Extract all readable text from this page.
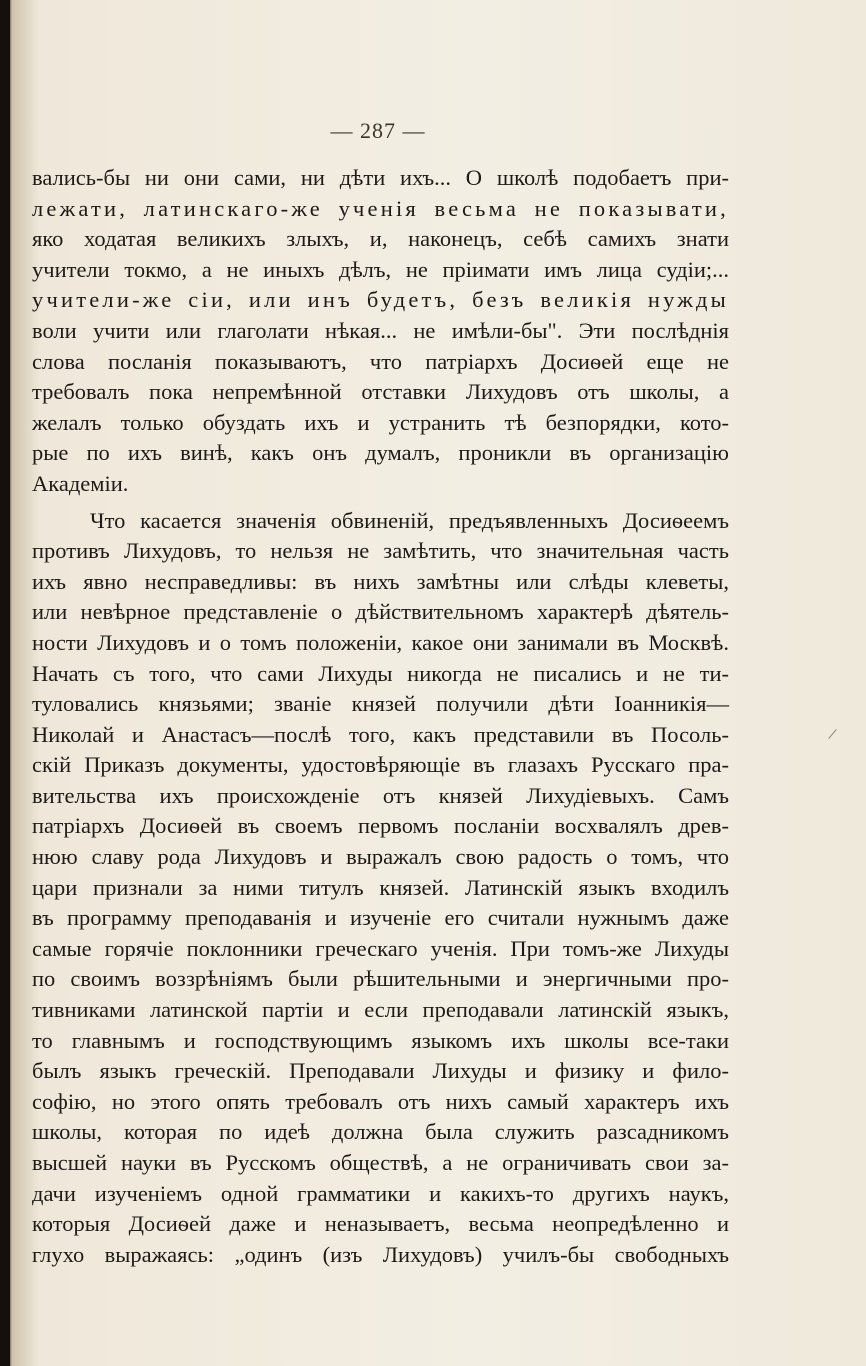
— 287 —
вались-бы ни они сами, ни дѣти ихъ... О школѣ подобаетъ при-
лежати, латинскаго-же ученія весьма не показывати,
яко ходатая великихъ злыхъ, и, наконецъ, себѣ самихъ знати
учители токмо, а не иныхъ дѣлъ, не пріимати имъ лица судіи;...
учители-же сіи, или инъ будетъ, безъ великія нужды
воли учити или глаголати нѣкая... не имѣли-бы". Эти послѣднія
слова посланія показываютъ, что патріархъ Досиѳей еще не
требовалъ пока непремѣнной отставки Лихудовъ отъ школы, а
желалъ только обуздать ихъ и устранить тѣ безпорядки, кото-
рые по ихъ винѣ, какъ онъ думалъ, проникли въ организацію
Академіи.
Что касается значенія обвиненій, предъявленныхъ Досиѳеемъ
противъ Лихудовъ, то нельзя не замѣтить, что значительная часть
ихъ явно несправедливы: въ нихъ замѣтны или слѣды клеветы,
или невѣрное представленіе о дѣйствительномъ характерѣ дѣятель-
ности Лихудовъ и о томъ положеніи, какое они занимали въ Москвѣ.
Начать съ того, что сами Лихуды никогда не писались и не ти-
туловались князьями; званіе князей получили дѣти Іоанникія—
Николай и Анастасъ—послѣ того, какъ представили въ Посоль-
скій Приказъ документы, удостовѣряющіе въ глазахъ Русскаго пра-
вительства ихъ происхожденіе отъ князей Лихудіевыхъ. Самъ
патріархъ Досиѳей въ своемъ первомъ посланіи восхвалялъ древ-
нюю славу рода Лихудовъ и выражалъ свою радость о томъ, что
цари признали за ними титулъ князей. Латинскій языкъ входилъ
въ программу преподаванія и изученіе его считали нужнымъ даже
самые горячіе поклонники греческаго ученія. При томъ-же Лихуды
по своимъ воззрѣніямъ были рѣшительными и энергичными про-
тивниками латинской партіи и если преподавали латинскій языкъ,
то главнымъ и господствующимъ языкомъ ихъ школы все-таки
былъ языкъ греческій. Преподавали Лихуды и физику и фило-
софію, но этого опять требовалъ отъ нихъ самый характеръ ихъ
школы, которая по идеѣ должна была служить разсадникомъ
высшей науки въ Русскомъ обществѣ, а не ограничивать свои за-
дачи изученіемъ одной грамматики и какихъ-то другихъ наукъ,
которыя Досиѳей даже и неназываетъ, весьма неопредѣленно и
глухо выражаясь: „одинъ (изъ Лихудовъ) училъ-бы свободныхъ
